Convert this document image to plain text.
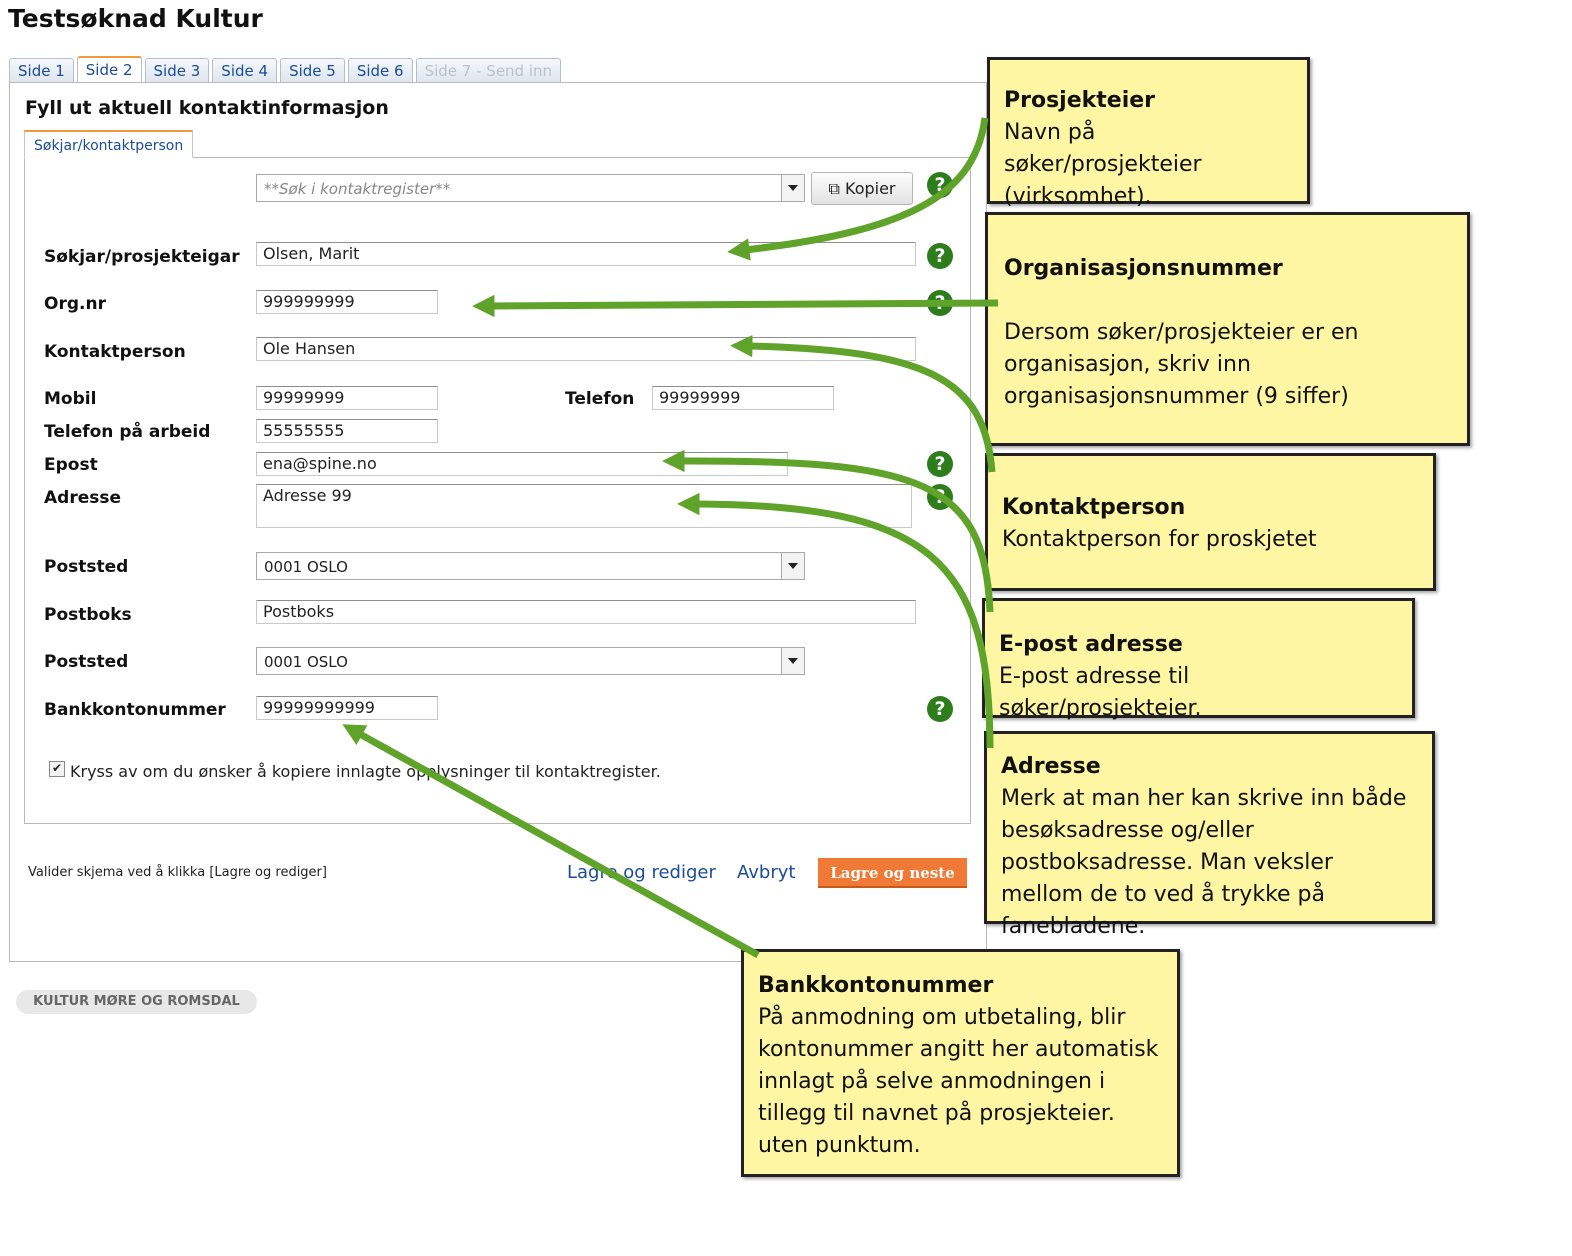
Testsøknad Kultur
Side 1	Side 2	Side 3	Side 4	Side 5	Side 6	Side 7 - Send inn
Fyll ut aktuell kontaktinformasjon
Søkjar/kontaktperson
**Søk i kontaktregister**	⧉ Kopier	?
Søkjar/prosjekteigar	Olsen, Marit	?
Org.nr	999999999	?
Kontaktperson	Ole Hansen
Mobil	99999999	Telefon	99999999
Telefon på arbeid	55555555
Epost	ena@spine.no	?
Adresse	Adresse 99	?
Poststed	0001 OSLO
Postboks	Postboks
Poststed	0001 OSLO
Bankkontonummer	99999999999	?
✔ Kryss av om du ønsker å kopiere innlagte opplysninger til kontaktregister.
Valider skjema ved å klikka [Lagre og rediger]	Lagre og rediger Avbryt	Lagre og neste
KULTUR MØRE OG ROMSDAL
Prosjekteier
Navn på søker/prosjekteier (virksomhet).
Organisasjonsnummer
Dersom søker/prosjekteier er en organisasjon, skriv inn organisasjonsnummer (9 siffer)
Kontaktperson
Kontaktperson for proskjetet
E-post adresse
E-post adresse til søker/prosjekteier.
Adresse
Merk at man her kan skrive inn både besøksadresse og/eller postboksadresse. Man veksler mellom de to ved å trykke på fanebladene.
Bankkontonummer
På anmodning om utbetaling, blir kontonummer angitt her automatisk innlagt på selve anmodningen i tillegg til navnet på prosjekteier. uten punktum.
